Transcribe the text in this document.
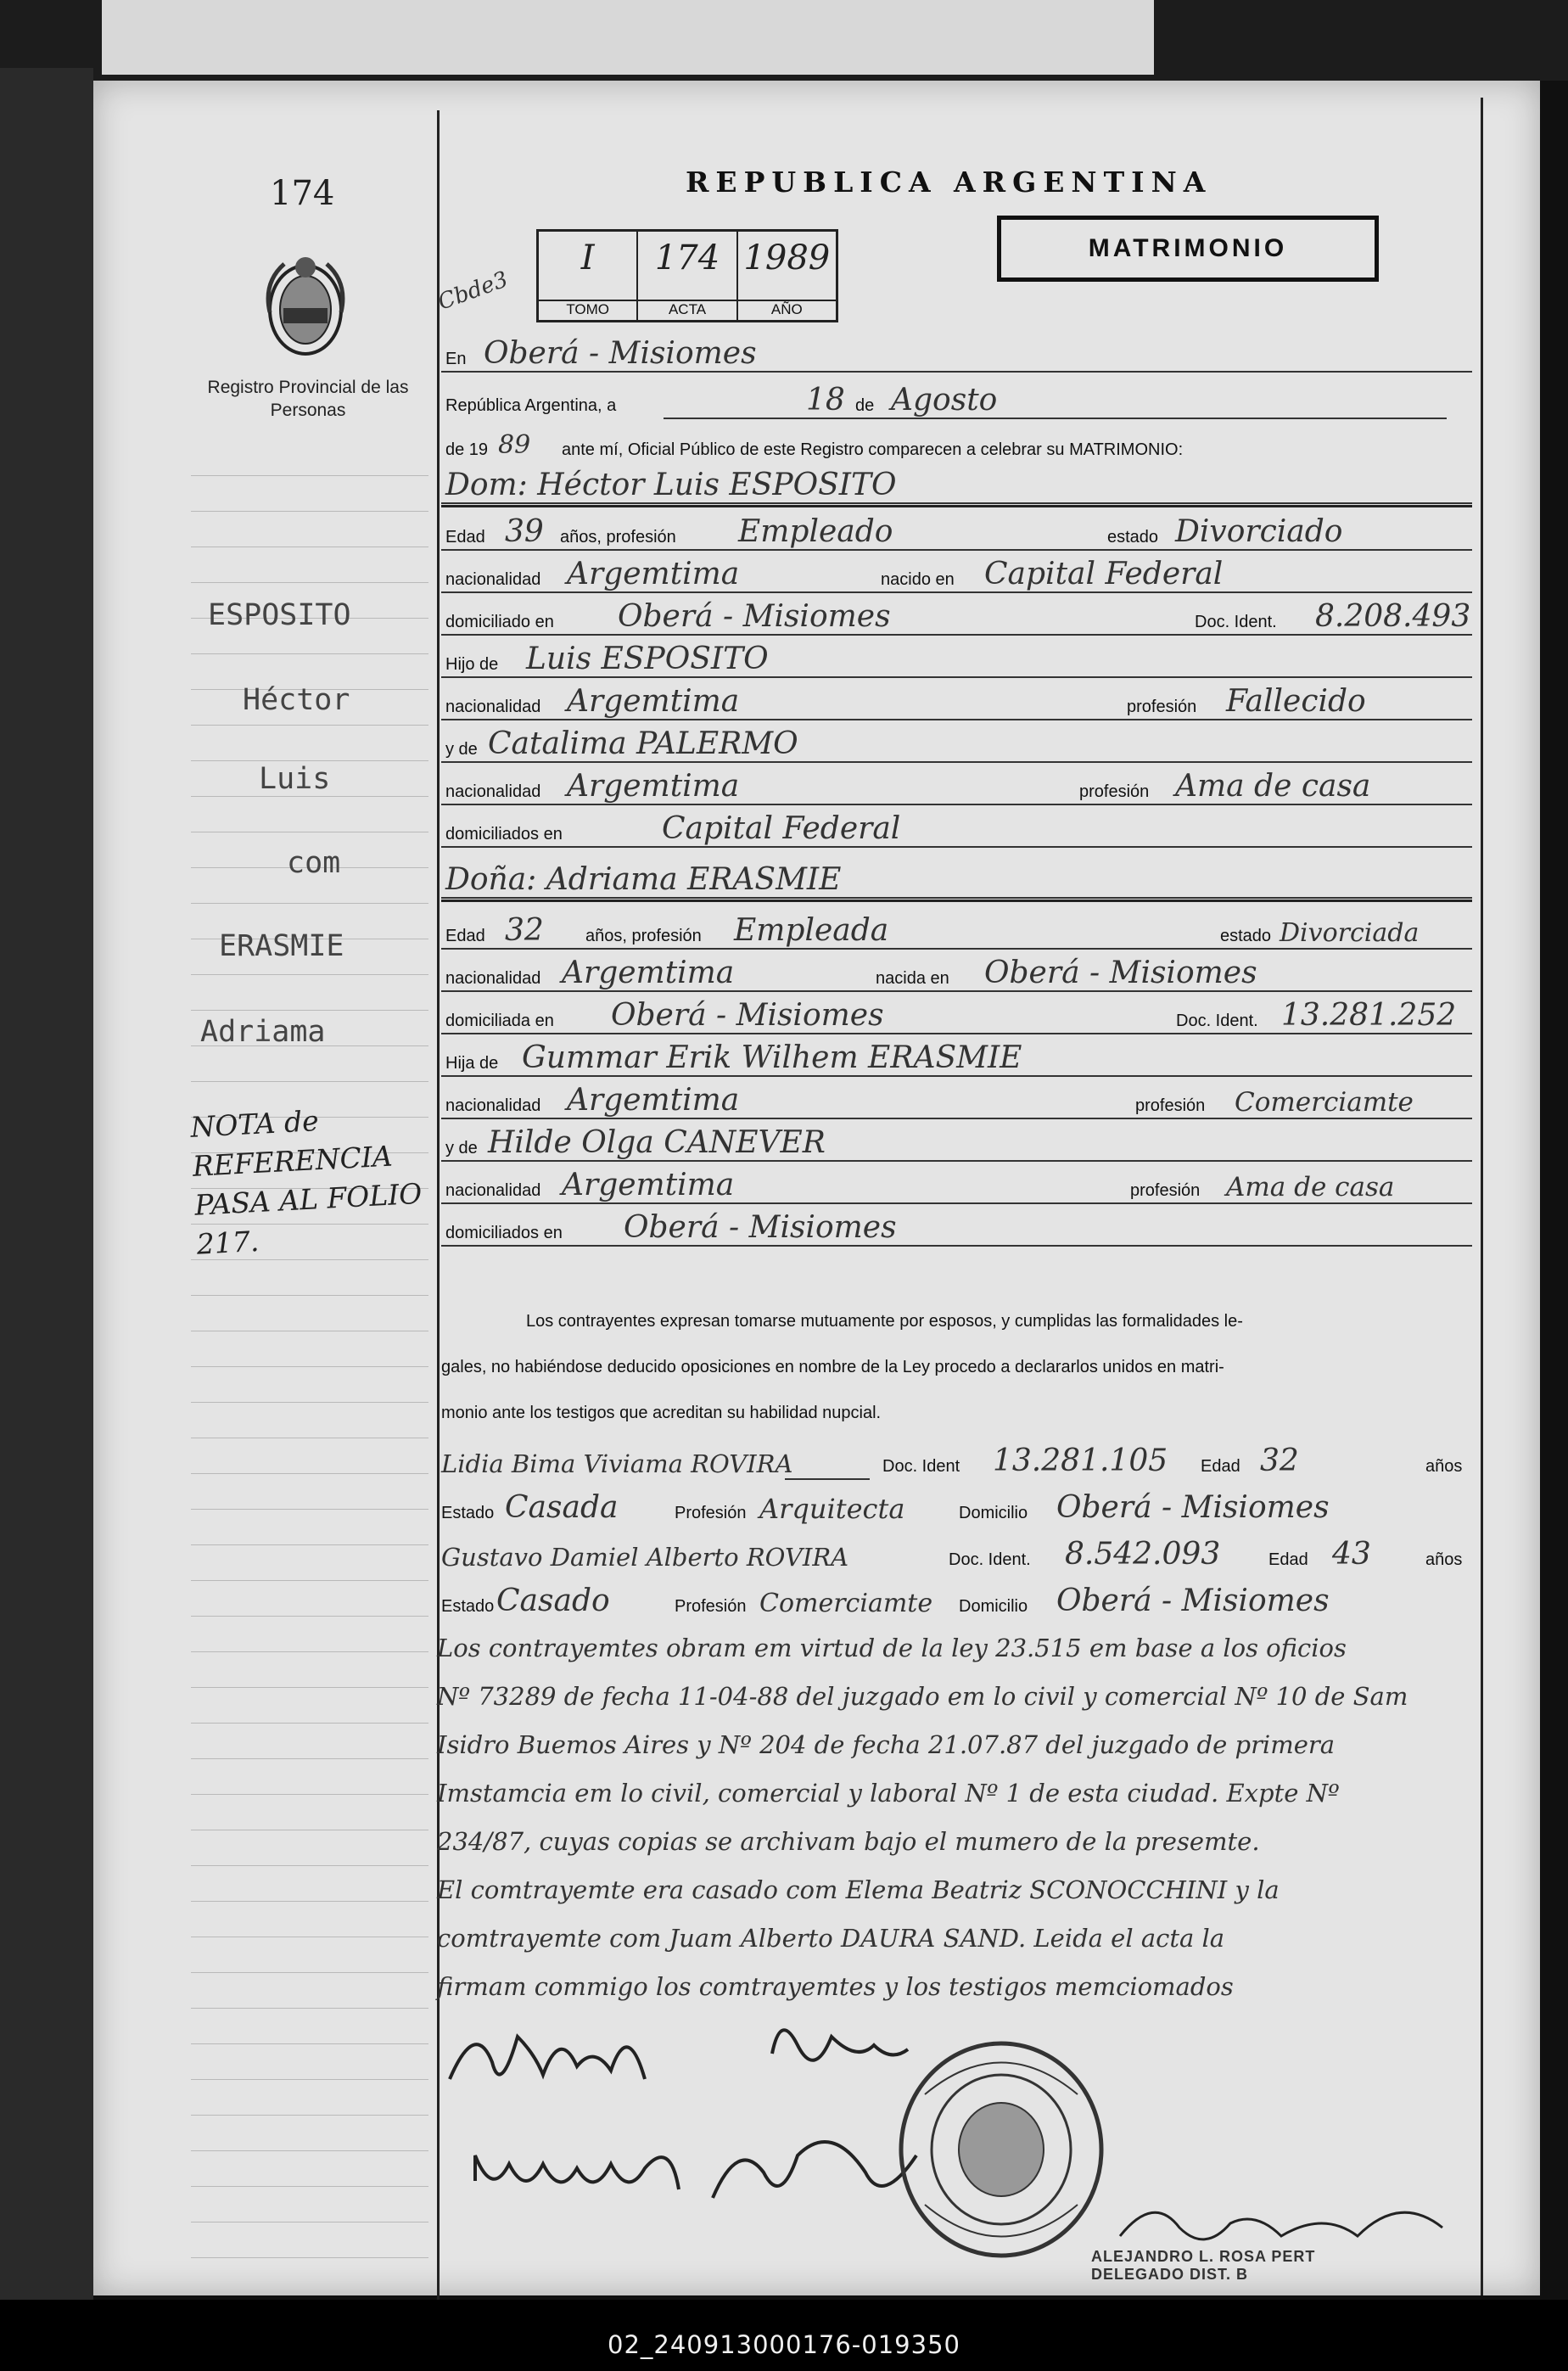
174
Registro Provincial de las Personas
ESPOSITO
Héctor
Luis
com
ERASMIE
Adriama
NOTA de REFERENCIA
PASA AL FOLIO
217.
REPUBLICA ARGENTINA
MATRIMONIO
Cbde3
I
TOMO
174
ACTA
1989
AÑO
En Oberá - Misiomes
República Argentina, a	18 de Agosto
de 19 89 ante mí, Oficial Público de este Registro comparecen a celebrar su MATRIMONIO:
Dom: Héctor Luis ESPOSITO
Edad 39 años, profesión Empleado	estado Divorciado
nacionalidad Argemtima	nacido en Capital Federal
domiciliado en Oberá - Misiomes	Doc. Ident. 8.208.493
Hijo de Luis ESPOSITO
nacionalidad Argemtima	profesión Fallecido
y de Catalima PALERMO
nacionalidad Argemtima	profesión Ama de casa
domiciliados en	Capital Federal
Doña: Adriama ERASMIE
Edad 32 años, profesión Empleada	estado Divorciada
nacionalidad Argemtima	nacida en Oberá - Misiomes
domiciliada en Oberá - Misiomes	Doc. Ident. 13.281.252
Hija de Gummar Erik Wilhem ERASMIE
nacionalidad Argemtima	profesión Comerciamte
y de Hilde Olga CANEVER
nacionalidad Argemtima	profesión Ama de casa
domiciliados en Oberá - Misiomes
Los contrayentes expresan tomarse mutuamente por esposos, y cumplidas las formalidades le-
gales, no habiéndose deducido oposiciones en nombre de la Ley procedo a declararlos unidos en matri-
monio ante los testigos que acreditan su habilidad nupcial.
Lidia Bima Viviama ROVIRA	Doc. Ident 13.281.105 Edad 32	años
Estado Casada	Profesión Arquitecta	Domicilio Oberá - Misiomes
Gustavo Damiel Alberto ROVIRA	Doc. Ident. 8.542.093	Edad 43	años
Estado Casado	Profesión Comerciamte Domicilio Oberá - Misiomes
Los contrayemtes obram em virtud de la ley 23.515 em base a los oficios
Nº 73289 de fecha 11-04-88 del juzgado em lo civil y comercial Nº 10 de Sam
Isidro Buemos Aires y Nº 204 de fecha 21.07.87 del juzgado de primera
Imstamcia em lo civil, comercial y laboral Nº 1 de esta ciudad. Expte Nº
234/87, cuyas copias se archivam bajo el mumero de la presemte.
El comtrayemte era casado com Elema Beatriz SCONOCCHINI y la
comtrayemte com Juam Alberto DAURA SAND. Leida el acta la
firmam commigo los comtrayemtes y los testigos memciomados
ALEJANDRO L. ROSA PERT
DELEGADO DIST. B
02_240913000176-019350
